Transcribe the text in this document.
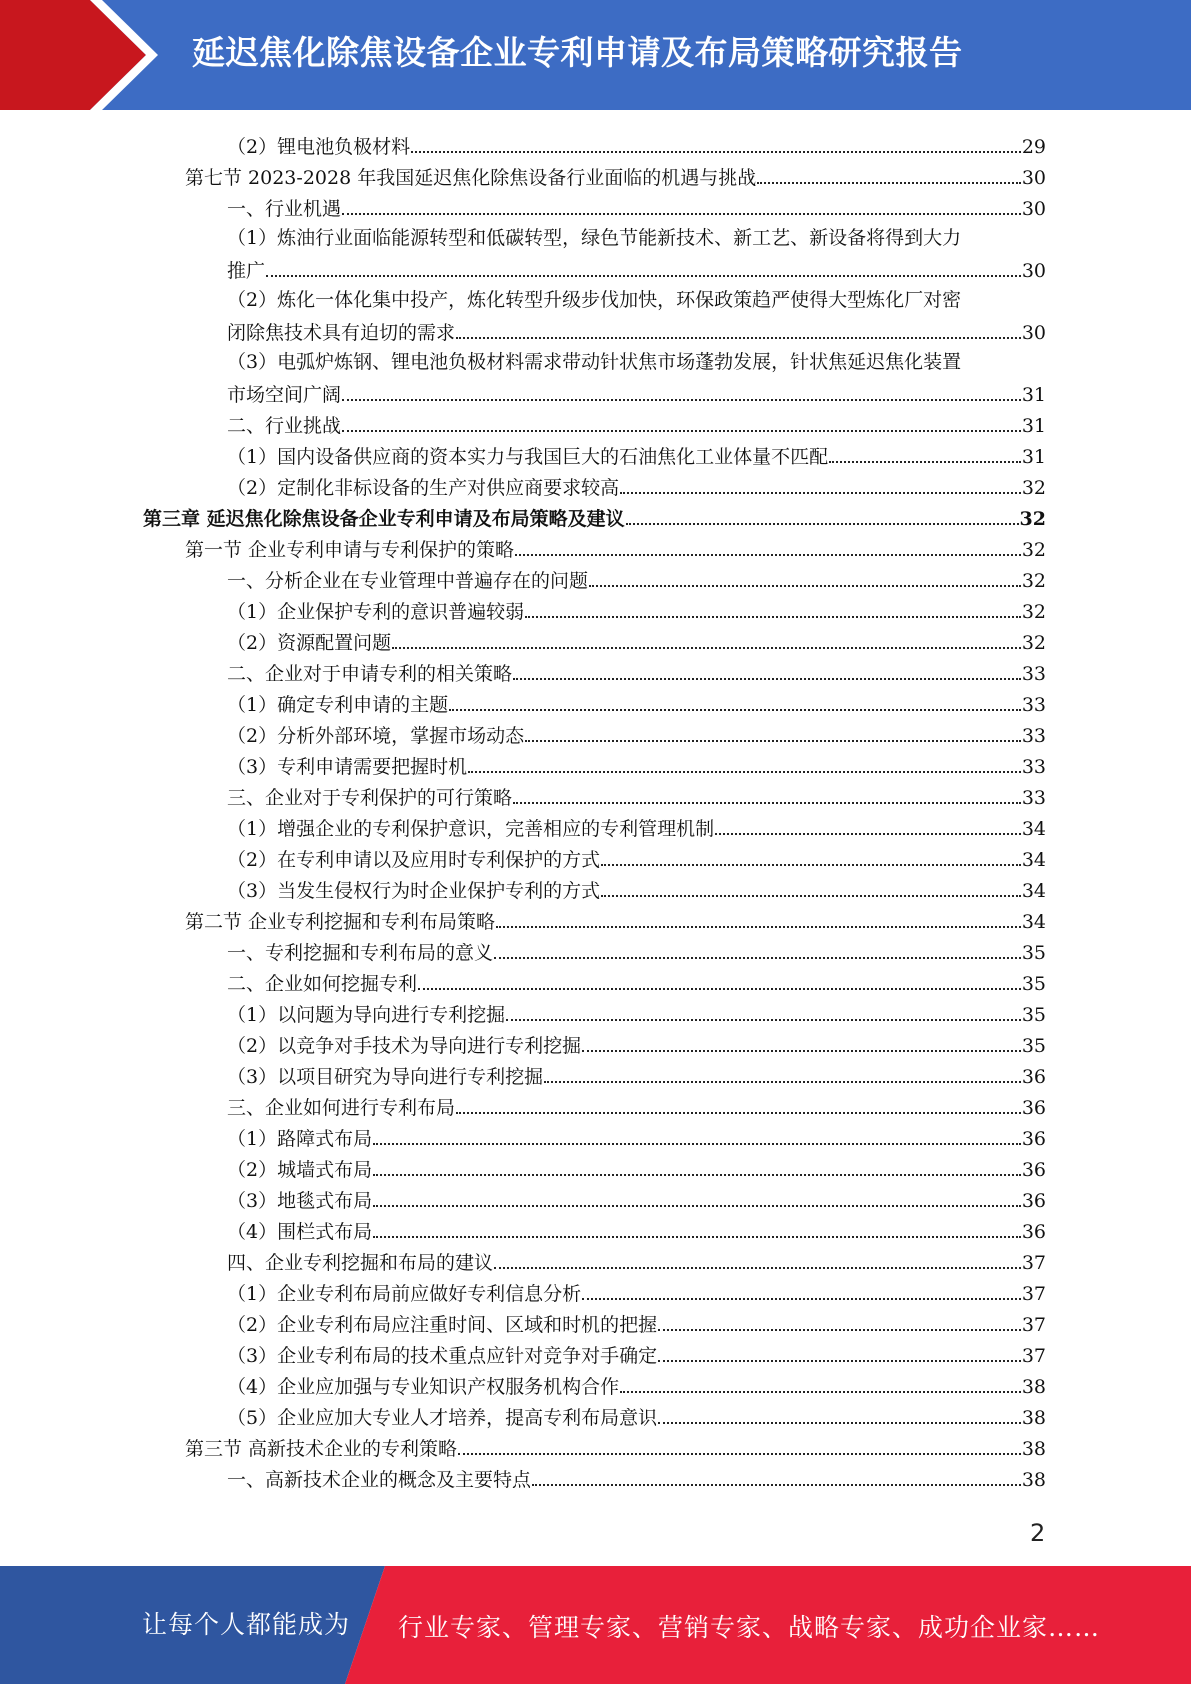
延迟焦化除焦设备企业专利申请及布局策略研究报告
（2）锂电池负极材料	29
第七节 2023-2028 年我国延迟焦化除焦设备行业面临的机遇与挑战	30
一、行业机遇	30
（1）炼油行业面临能源转型和低碳转型，绿色节能新技术、新工艺、新设备将得到大力
推广	30
（2）炼化一体化集中投产，炼化转型升级步伐加快，环保政策趋严使得大型炼化厂对密
闭除焦技术具有迫切的需求	30
（3）电弧炉炼钢、锂电池负极材料需求带动针状焦市场蓬勃发展，针状焦延迟焦化装置
市场空间广阔	31
二、行业挑战	31
（1）国内设备供应商的资本实力与我国巨大的石油焦化工业体量不匹配	31
（2）定制化非标设备的生产对供应商要求较高	32
第三章 延迟焦化除焦设备企业专利申请及布局策略及建议	32
第一节 企业专利申请与专利保护的策略	32
一、分析企业在专业管理中普遍存在的问题	32
（1）企业保护专利的意识普遍较弱	32
（2）资源配置问题	32
二、企业对于申请专利的相关策略	33
（1）确定专利申请的主题	33
（2）分析外部环境，掌握市场动态	33
（3）专利申请需要把握时机	33
三、企业对于专利保护的可行策略	33
（1）增强企业的专利保护意识，完善相应的专利管理机制	34
（2）在专利申请以及应用时专利保护的方式	34
（3）当发生侵权行为时企业保护专利的方式	34
第二节 企业专利挖掘和专利布局策略	34
一、专利挖掘和专利布局的意义	35
二、企业如何挖掘专利	35
（1）以问题为导向进行专利挖掘	35
（2）以竞争对手技术为导向进行专利挖掘	35
（3）以项目研究为导向进行专利挖掘	36
三、企业如何进行专利布局	36
（1）路障式布局	36
（2）城墙式布局	36
（3）地毯式布局	36
（4）围栏式布局	36
四、企业专利挖掘和布局的建议	37
（1）企业专利布局前应做好专利信息分析	37
（2）企业专利布局应注重时间、区域和时机的把握	37
（3）企业专利布局的技术重点应针对竞争对手确定	37
（4）企业应加强与专业知识产权服务机构合作	38
（5）企业应加大专业人才培养，提高专利布局意识	38
第三节 高新技术企业的专利策略	38
一、高新技术企业的概念及主要特点	38
2
让每个人都能成为 行业专家、管理专家、营销专家、战略专家、成功企业家……
